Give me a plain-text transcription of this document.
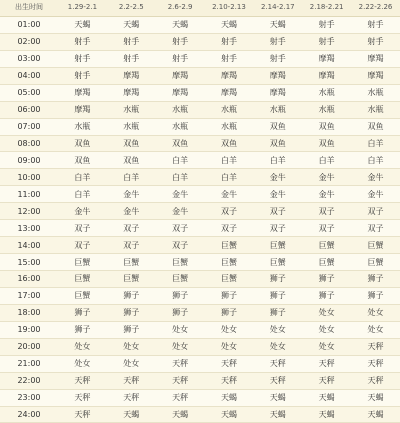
出生时间	1.29-2.1	2.2-2.5	2.6-2.9	2.10-2.13	2.14-2.17	2.18-2.21	2.22-2.26
01:00	天蝎	天蝎	天蝎	天蝎	天蝎	射手	射手
02:00	射手	射手	射手	射手	射手	射手	射手
03:00	射手	射手	射手	射手	射手	摩羯	摩羯
04:00	射手	摩羯	摩羯	摩羯	摩羯	摩羯	摩羯
05:00	摩羯	摩羯	摩羯	摩羯	摩羯	水瓶	水瓶
06:00	摩羯	水瓶	水瓶	水瓶	水瓶	水瓶	水瓶
07:00	水瓶	水瓶	水瓶	水瓶	双鱼	双鱼	双鱼
08:00	双鱼	双鱼	双鱼	双鱼	双鱼	双鱼	白羊
09:00	双鱼	双鱼	白羊	白羊	白羊	白羊	白羊
10:00	白羊	白羊	白羊	白羊	金牛	金牛	金牛
11:00	白羊	金牛	金牛	金牛	金牛	金牛	金牛
12:00	金牛	金牛	金牛	双子	双子	双子	双子
13:00	双子	双子	双子	双子	双子	双子	双子
14:00	双子	双子	双子	巨蟹	巨蟹	巨蟹	巨蟹
15:00	巨蟹	巨蟹	巨蟹	巨蟹	巨蟹	巨蟹	巨蟹
16:00	巨蟹	巨蟹	巨蟹	巨蟹	狮子	狮子	狮子
17:00	巨蟹	狮子	狮子	狮子	狮子	狮子	狮子
18:00	狮子	狮子	狮子	狮子	狮子	处女	处女
19:00	狮子	狮子	处女	处女	处女	处女	处女
20:00	处女	处女	处女	处女	处女	处女	天秤
21:00	处女	处女	天秤	天秤	天秤	天秤	天秤
22:00	天秤	天秤	天秤	天秤	天秤	天秤	天秤
23:00	天秤	天秤	天秤	天蝎	天蝎	天蝎	天蝎
24:00	天秤	天蝎	天蝎	天蝎	天蝎	天蝎	天蝎
